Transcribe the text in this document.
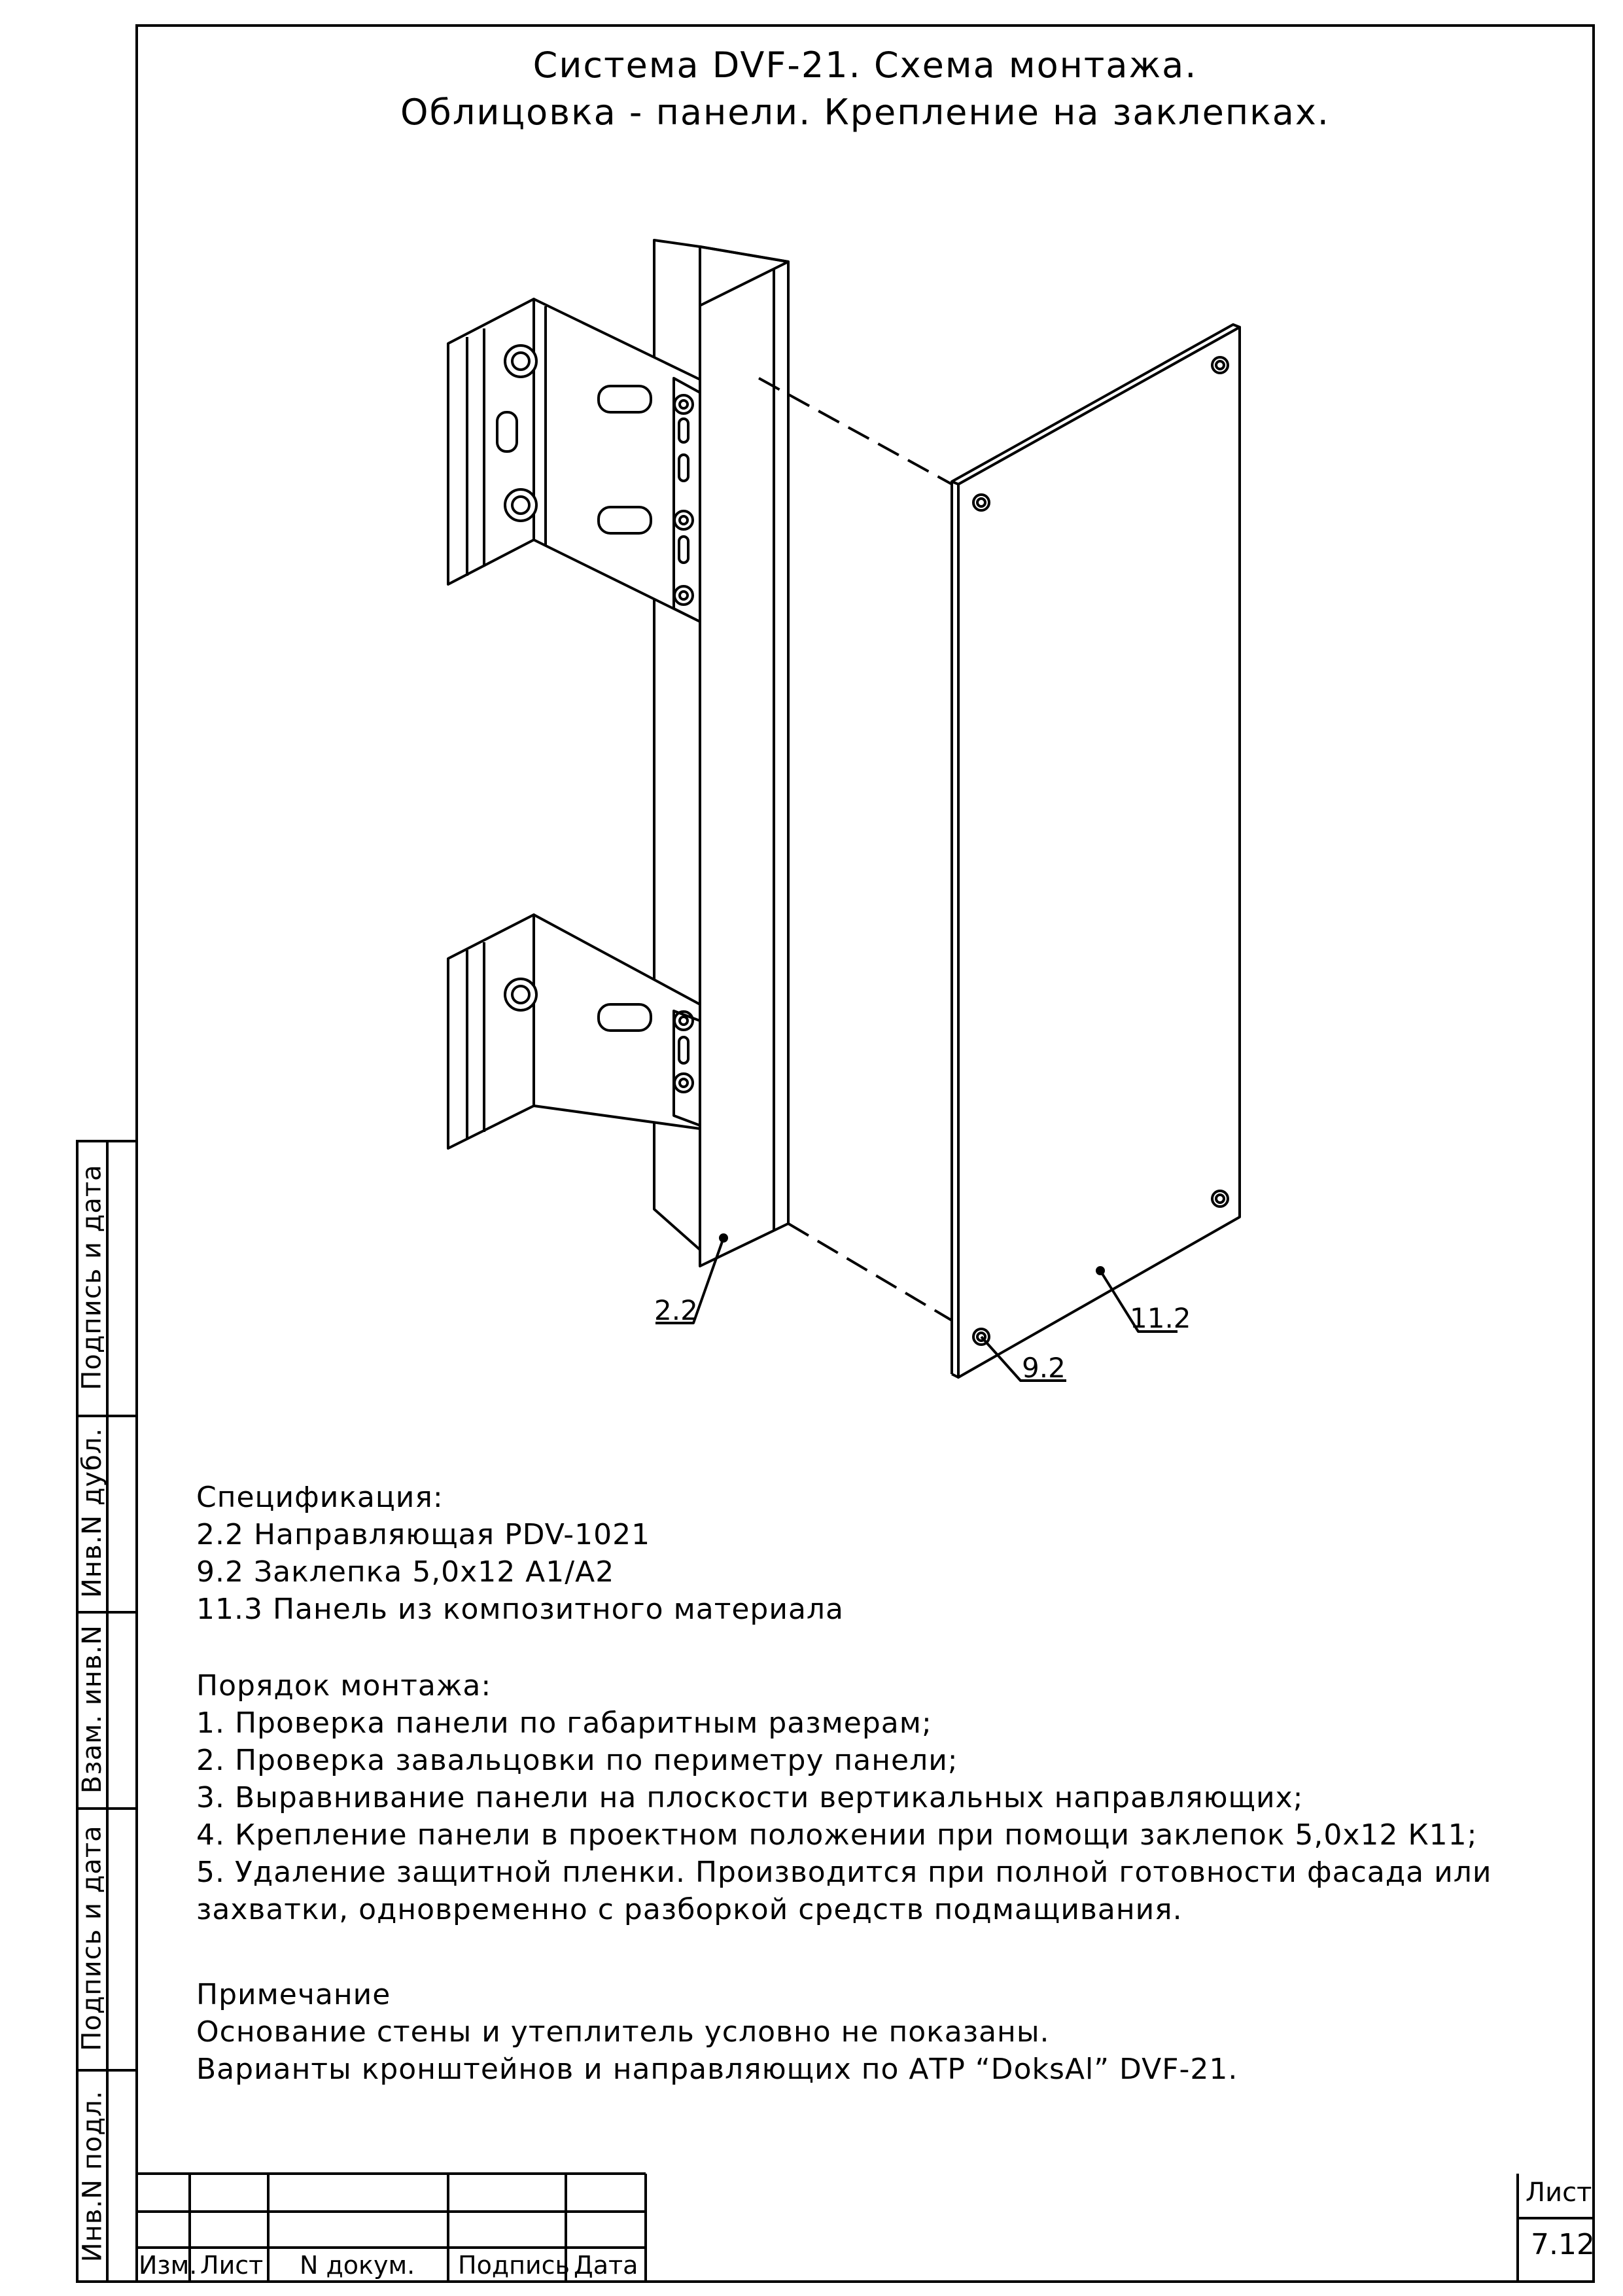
Система DVF-21. Схема монтажа.
Облицовка - панели. Крепление на заклепках.
2.2	11.2
9.2
Подпись и дата
Инв.N дубл.
Взам. инв.N
Подпись и дата
Инв.N подл.
Спецификация:
2.2 Направляющая PDV-1021
9.2 Заклепка 5,0x12 А1/А2
11.3 Панель из композитного материала
Порядок монтажа:
1. Проверка панели по габаритным размерам;
2. Проверка завальцовки по периметру панели;
3. Выравнивание панели на плоскости вертикальных направляющих;
4. Крепление панели в проектном положении при помощи заклепок 5,0x12 К11;
5. Удаление защитной пленки. Производится при полной готовности фасада или
захватки, одновременно с разборкой средств подмащивания.
Примечание
Основание стены и утеплитель условно не показаны.
Варианты кронштейнов и направляющих по АТР “DoksAl” DVF-21.
Изм. Лист N докум. Подпись Дата
Лист
7.12
